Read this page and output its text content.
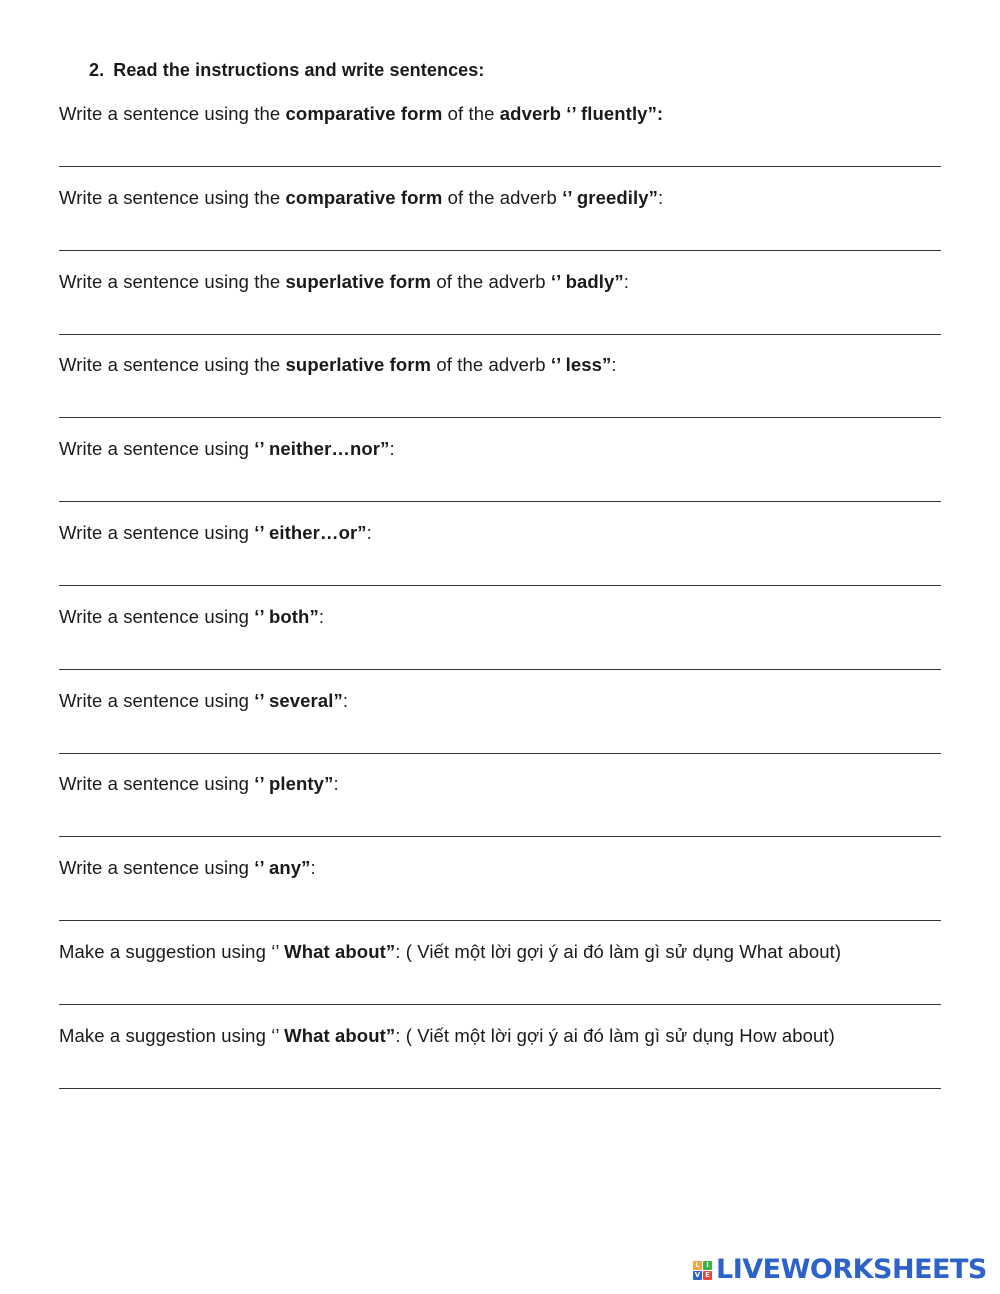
2. Read the instructions and write sentences:
Write a sentence using the comparative form of the adverb ‘’ fluently”:
Write a sentence using the comparative form of the adverb ‘’ greedily”:
Write a sentence using the superlative form of the adverb ‘’ badly”:
Write a sentence using the superlative form of the adverb ‘’ less”:
Write a sentence using ‘’ neither…nor”:
Write a sentence using ‘’ either…or”:
Write a sentence using ‘’ both”:
Write a sentence using ‘’ several”:
Write a sentence using ‘’ plenty”:
Write a sentence using ‘’ any”:
Make a suggestion using ‘’ What about”: ( Viết một lời gợi ý ai đó làm gì sử dụng What about)
Make a suggestion using ‘’ What about”: ( Viết một lời gợi ý ai đó làm gì sử dụng How about)
L I
V E LIVEWORKSHEETS
